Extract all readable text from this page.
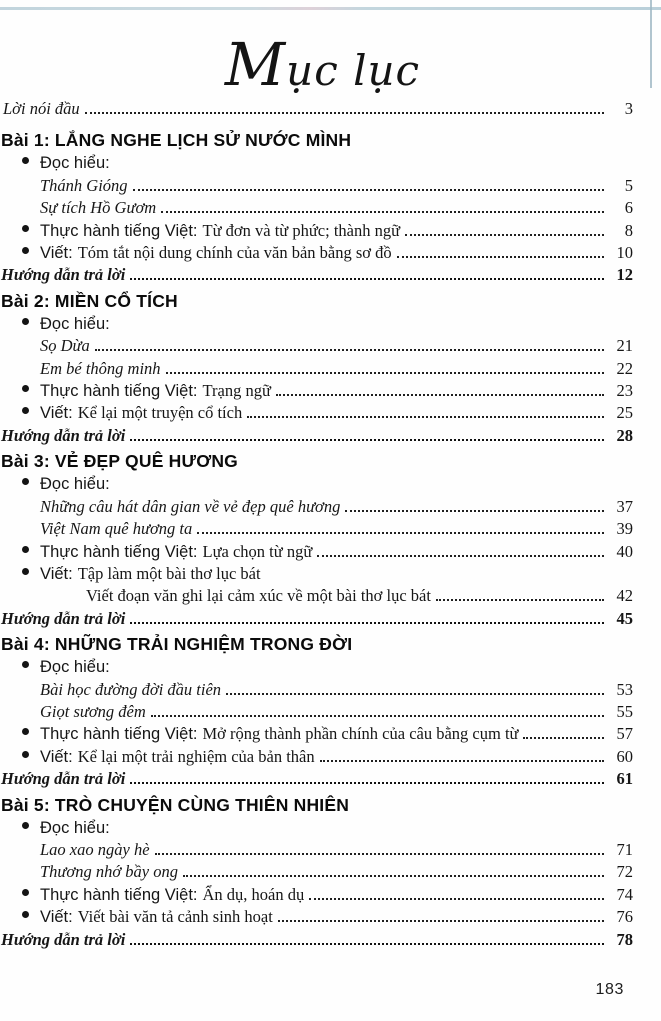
Mục lục
Lời nói đầu	3
Bài 1: LẮNG NGHE LỊCH SỬ NƯỚC MÌNH
Đọc hiểu:
Thánh Gióng	5
Sự tích Hồ Gươm	6
Thực hành tiếng Việt: Từ đơn và từ phức; thành ngữ	8
Viết: Tóm tắt nội dung chính của văn bản bằng sơ đồ	10
Hướng dẫn trả lời	12
Bài 2: MIỀN CỔ TÍCH
Đọc hiểu:
Sọ Dừa	21
Em bé thông minh	22
Thực hành tiếng Việt: Trạng ngữ	23
Viết: Kể lại một truyện cổ tích	25
Hướng dẫn trả lời	28
Bài 3: VẺ ĐẸP QUÊ HƯƠNG
Đọc hiểu:
Những câu hát dân gian về vẻ đẹp quê hương	37
Việt Nam quê hương ta	39
Thực hành tiếng Việt: Lựa chọn từ ngữ	40
Viết: Tập làm một bài thơ lục bát
Viết đoạn văn ghi lại cảm xúc về một bài thơ lục bát	42
Hướng dẫn trả lời	45
Bài 4: NHỮNG TRẢI NGHIỆM TRONG ĐỜI
Đọc hiểu:
Bài học đường đời đầu tiên	53
Giọt sương đêm	55
Thực hành tiếng Việt: Mở rộng thành phần chính của câu bằng cụm từ	57
Viết: Kể lại một trải nghiệm của bản thân	60
Hướng dẫn trả lời	61
Bài 5: TRÒ CHUYỆN CÙNG THIÊN NHIÊN
Đọc hiểu:
Lao xao ngày hè	71
Thương nhớ bầy ong	72
Thực hành tiếng Việt: Ẩn dụ, hoán dụ	74
Viết: Viết bài văn tả cảnh sinh hoạt	76
Hướng dẫn trả lời	78
183
